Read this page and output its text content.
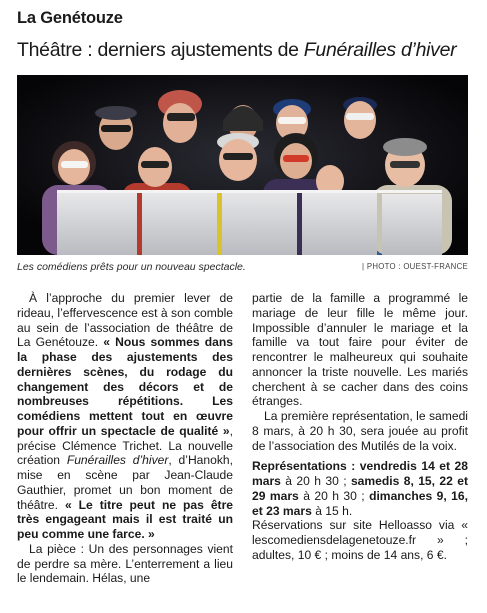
La Genétouze
Théâtre : derniers ajustements de Funérailles d’hiver
Les comédiens prêts pour un nouveau spectacle.	| PHOTO : OUEST-FRANCE

À l’approche du premier lever de rideau, l’effervescence est à son comble au sein de l’association de théâtre de La Genétouze. « Nous sommes dans la phase des ajustements des dernières scènes, du rodage du changement des décors et de nombreuses répétitions. Les comédiens mettent tout en œuvre pour offrir un spectacle de qualité », précise Clémence Trichet. La nouvelle création Funérailles d’hiver, d’Hanokh, mise en scène par Jean-Claude Gauthier, promet un bon moment de théâtre. « Le titre peut ne pas être très engageant mais il est traité un peu comme une farce. »

La pièce : Un des personnages vient de perdre sa mère. L’enterrement a lieu le lendemain. Hélas, une

partie de la famille a programmé le mariage de leur fille le même jour. Impossible d’annuler le mariage et la famille va tout faire pour éviter de rencontrer le malheureux qui souhaite annoncer la triste nouvelle. Les mariés cherchent à se cacher dans des coins étranges.

La première représentation, le samedi 8 mars, à 20 h 30, sera jouée au profit de l’association des Mutilés de la voix.

Représentations : vendredis 14 et 28 mars à 20 h 30 ; samedis 8, 15, 22 et 29 mars à 20 h 30 ; dimanches 9, 16, et 23 mars à 15 h.

Réservations sur site Helloasso via « lescomediensdelagenetouze.fr » ; adultes, 10 € ; moins de 14 ans, 6 €.
